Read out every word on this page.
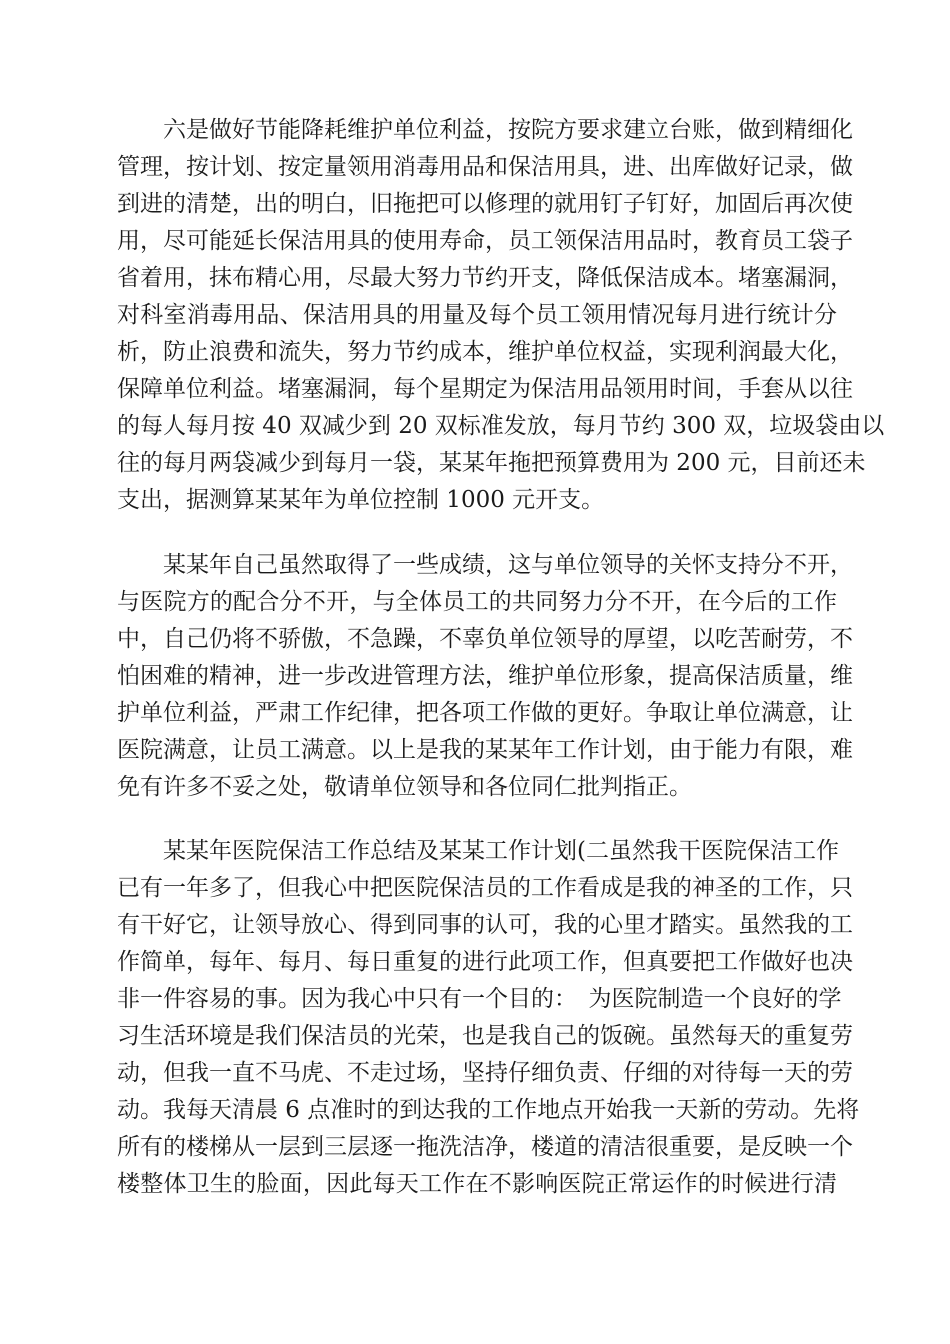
六是做好节能降耗维护单位利益，按院方要求建立台账，做到精细化

管理，按计划、按定量领用消毒用品和保洁用具，进、出库做好记录，做

到进的清楚，出的明白，旧拖把可以修理的就用钉子钉好，加固后再次使

用，尽可能延长保洁用具的使用寿命，员工领保洁用品时，教育员工袋子

省着用，抹布精心用，尽最大努力节约开支，降低保洁成本。堵塞漏洞，

对科室消毒用品、保洁用具的用量及每个员工领用情况每月进行统计分

析，防止浪费和流失，努力节约成本，维护单位权益，实现利润最大化，

保障单位利益。堵塞漏洞，每个星期定为保洁用品领用时间，手套从以往

的每人每月按 40 双减少到 20 双标准发放，每月节约 300 双，垃圾袋由以

往的每月两袋减少到每月一袋，某某年拖把预算费用为 200 元，目前还未

支出，据测算某某年为单位控制 1000 元开支。

某某年自己虽然取得了一些成绩，这与单位领导的关怀支持分不开，

与医院方的配合分不开，与全体员工的共同努力分不开，在今后的工作

中，自己仍将不骄傲，不急躁，不辜负单位领导的厚望，以吃苦耐劳，不

怕困难的精神，进一步改进管理方法，维护单位形象，提高保洁质量，维

护单位利益，严肃工作纪律，把各项工作做的更好。争取让单位满意，让

医院满意，让员工满意。以上是我的某某年工作计划，由于能力有限，难

免有许多不妥之处，敬请单位领导和各位同仁批判指正。

某某年医院保洁工作总结及某某工作计划(二虽然我干医院保洁工作

已有一年多了，但我心中把医院保洁员的工作看成是我的神圣的工作，只

有干好它，让领导放心、得到同事的认可，我的心里才踏实。虽然我的工

作简单，每年、每月、每日重复的进行此项工作，但真要把工作做好也决

非一件容易的事。因为我心中只有一个目的：　为医院制造一个良好的学

习生活环境是我们保洁员的光荣，也是我自己的饭碗。虽然每天的重复劳

动，但我一直不马虎、不走过场，坚持仔细负责、仔细的对待每一天的劳

动。我每天清晨 6 点准时的到达我的工作地点开始我一天新的劳动。先将

所有的楼梯从一层到三层逐一拖洗洁净，楼道的清洁很重要，是反映一个

楼整体卫生的脸面，因此每天工作在不影响医院正常运作的时候进行清
